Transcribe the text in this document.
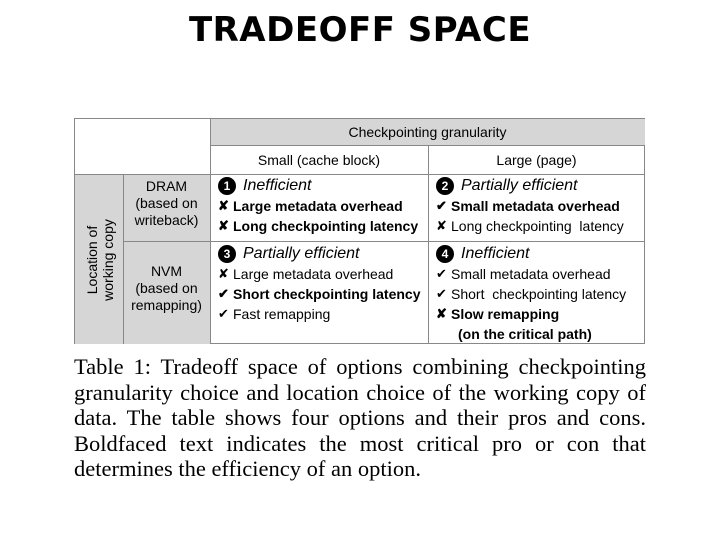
TRADEOFF SPACE
Checkpointing granularity
Small (cache block)	Large (page)
Location of working copy
DRAM
(based on
writeback)
NVM
(based on
remapping)
1 Inefficient
✘ Large metadata overhead
✘ Long checkpointing latency
2 Partially efficient
✔ Small metadata overhead
✘ Long checkpointing  latency
3 Partially efficient
✘ Large metadata overhead
✔ Short checkpointing latency
✔ Fast remapping
4 Inefficient
✔ Small metadata overhead
✔ Short  checkpointing latency
✘ Slow remapping
(on the critical path)
Table 1: Tradeoff space of options combining checkpointing granularity choice and location choice of the working copy of data. The table shows four options and their pros and cons. Boldfaced text indicates the most critical pro or con that determines the efficiency of an option.
